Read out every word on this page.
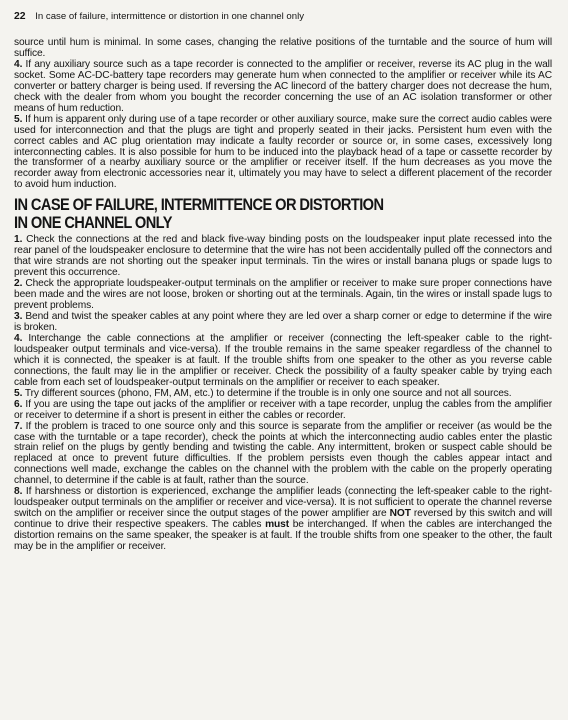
22 In case of failure, intermittence or distortion in one channel only

source until hum is minimal. In some cases, changing the relative positions of the turntable and the source of hum will suffice.

4. If any auxiliary source such as a tape recorder is connected to the amplifier or receiver, reverse its AC plug in the wall socket. Some AC-DC-battery tape recorders may generate hum when connected to the amplifier or receiver while its AC converter or battery charger is being used. If reversing the AC linecord of the battery charger does not decrease the hum, check with the dealer from whom you bought the recorder concerning the use of an AC isolation transformer or other means of hum reduction.

5. If hum is apparent only during use of a tape recorder or other auxiliary source, make sure the correct audio cables were used for interconnection and that the plugs are tight and properly seated in their jacks. Persistent hum even with the correct cables and AC plug orientation may indicate a faulty recorder or source or, in some cases, excessively long interconnecting cables. It is also possible for hum to be induced into the playback head of a tape or cassette recorder by the transformer of a nearby auxiliary source or the amplifier or receiver itself. If the hum decreases as you move the recorder away from electronic accessories near it, ultimately you may have to select a different placement of the recorder to avoid hum induction.

IN CASE OF FAILURE, INTERMITTENCE OR DISTORTION
IN ONE CHANNEL ONLY

1. Check the connections at the red and black five-way binding posts on the loudspeaker input plate recessed into the rear panel of the loudspeaker enclosure to determine that the wire has not been accidentally pulled off the connectors and that wire strands are not shorting out the speaker input terminals. Tin the wires or install banana plugs or spade lugs to prevent this occurrence.

2. Check the appropriate loudspeaker-output terminals on the amplifier or receiver to make sure proper connections have been made and the wires are not loose, broken or shorting out at the terminals. Again, tin the wires or install spade lugs to prevent problems.

3. Bend and twist the speaker cables at any point where they are led over a sharp corner or edge to determine if the wire is broken.

4. Interchange the cable connections at the amplifier or receiver (connecting the left-speaker cable to the right-loudspeaker output terminals and vice-versa). If the trouble remains in the same speaker regardless of the channel to which it is connected, the speaker is at fault. If the trouble shifts from one speaker to the other as you reverse cable connections, the fault may lie in the amplifier or receiver. Check the possibility of a faulty speaker cable by trying each cable from each set of loudspeaker-output terminals on the amplifier or receiver to each speaker.

5. Try different sources (phono, FM, AM, etc.) to determine if the trouble is in only one source and not all sources.

6. If you are using the tape out jacks of the amplifier or receiver with a tape recorder, unplug the cables from the amplifier or receiver to determine if a short is present in either the cables or recorder.

7. If the problem is traced to one source only and this source is separate from the amplifier or receiver (as would be the case with the turntable or a tape recorder), check the points at which the interconnecting audio cables enter the plastic strain relief on the plugs by gently bending and twisting the cable. Any intermittent, broken or suspect cable should be replaced at once to prevent future difficulties. If the problem persists even though the cables appear intact and connections well made, exchange the cables on the channel with the problem with the cable on the properly operating channel, to determine if the cable is at fault, rather than the source.

8. If harshness or distortion is experienced, exchange the amplifier leads (connecting the left-speaker cable to the right-loudspeaker output terminals on the amplifier or receiver and vice-versa). It is not sufficient to operate the channel reverse switch on the amplifier or receiver since the output stages of the power amplifier are NOT reversed by this switch and will continue to drive their respective speakers. The cables must be interchanged. If when the cables are interchanged the distortion remains on the same speaker, the speaker is at fault. If the trouble shifts from one speaker to the other, the fault may be in the amplifier or receiver.
